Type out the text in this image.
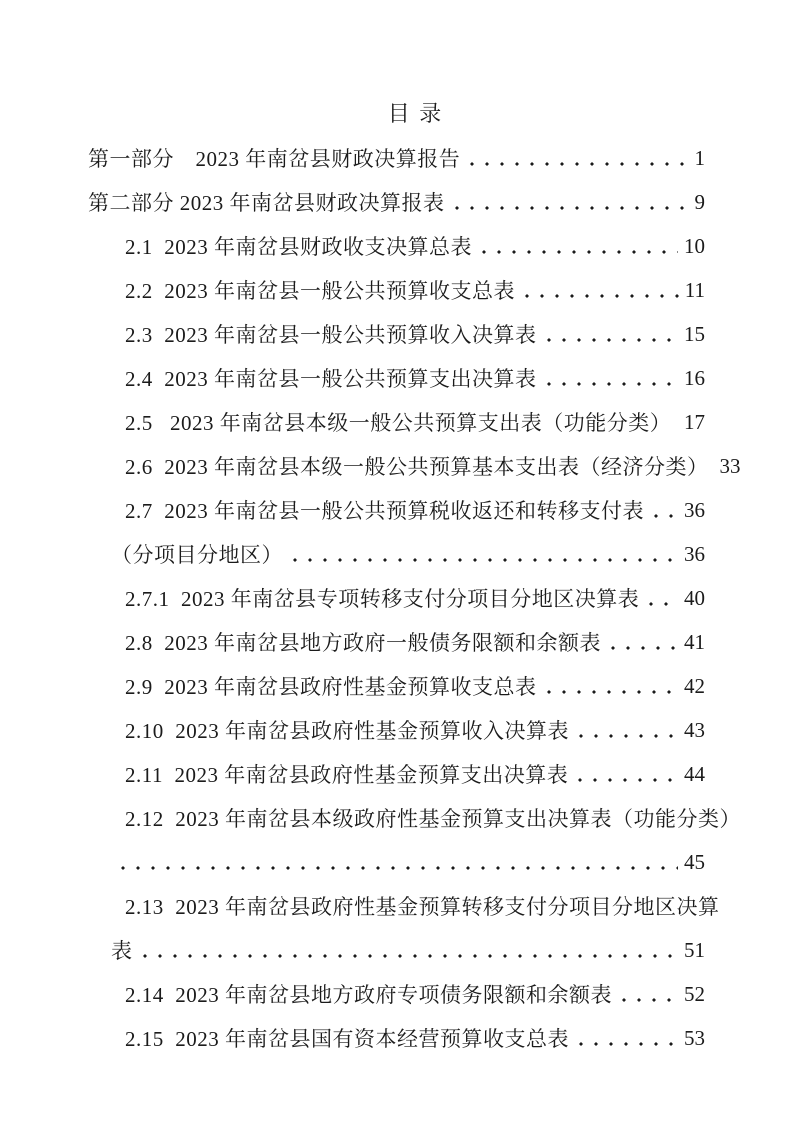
目 录
第一部分　2023 年南岔县财政决算报告	1
第二部分 2023 年南岔县财政决算报表	9
2.1  2023 年南岔县财政收支决算总表	10
2.2  2023 年南岔县一般公共预算收支总表	11
2.3  2023 年南岔县一般公共预算收入决算表	15
2.4  2023 年南岔县一般公共预算支出决算表	16
2.5   2023 年南岔县本级一般公共预算支出表（功能分类） 17
2.6  2023 年南岔县本级一般公共预算基本支出表（经济分类） 33
2.7  2023 年南岔县一般公共预算税收返还和转移支付表 36
（分项目分地区）	36
2.7.1  2023 年南岔县专项转移支付分项目分地区决算表 40
2.8  2023 年南岔县地方政府一般债务限额和余额表	41
2.9  2023 年南岔县政府性基金预算收支总表	42
2.10  2023 年南岔县政府性基金预算收入决算表	43
2.11  2023 年南岔县政府性基金预算支出决算表	44
2.12  2023 年南岔县本级政府性基金预算支出决算表（功能分类）
45
2.13  2023 年南岔县政府性基金预算转移支付分项目分地区决算
表	51
2.14  2023 年南岔县地方政府专项债务限额和余额表	52
2.15  2023 年南岔县国有资本经营预算收支总表	53
